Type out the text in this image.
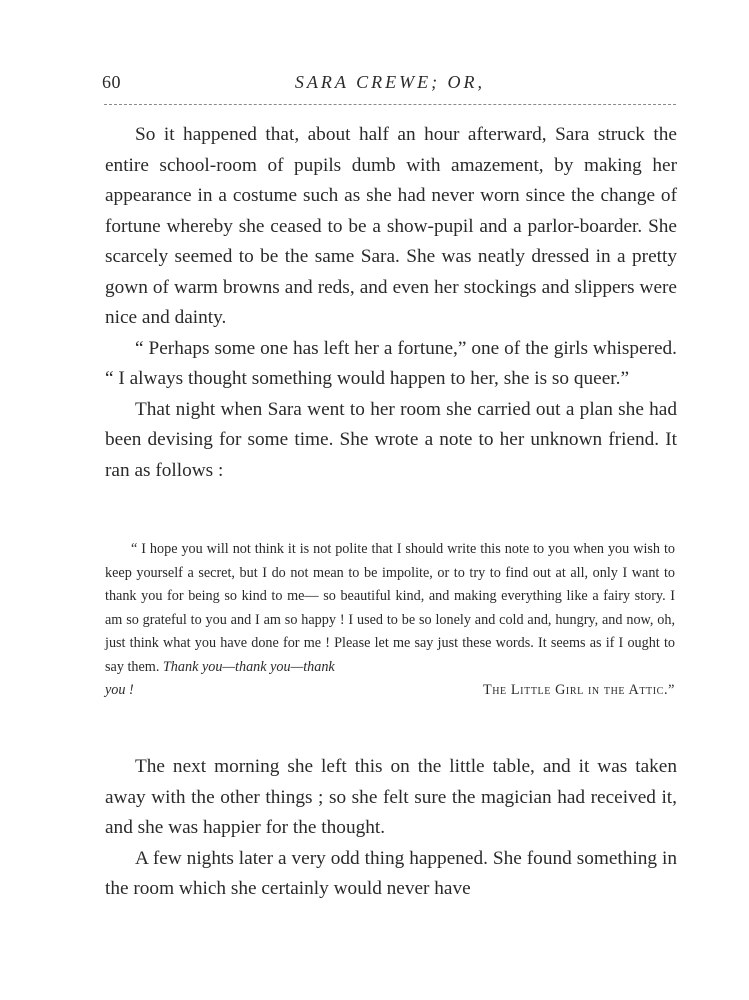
60	SARA CREWE; OR,

So it happened that, about half an hour afterward, Sara struck the entire school-room of pupils dumb with amazement, by making her appearance in a costume such as she had never worn since the change of fortune whereby she ceased to be a show-pupil and a parlor-boarder. She scarcely seemed to be the same Sara. She was neatly dressed in a pretty gown of warm browns and reds, and even her stockings and slippers were nice and dainty.

“ Perhaps some one has left her a fortune,” one of the girls whispered. “ I always thought something would happen to her, she is so queer.”

That night when Sara went to her room she carried out a plan she had been devising for some time. She wrote a note to her unknown friend. It ran as follows :

“ I hope you will not think it is not polite that I should write this note to you when you wish to keep yourself a secret, but I do not mean to be impolite, or to try to find out at all, only I want to thank you for being so kind to me— so beautiful kind, and making everything like a fairy story. I am so grateful to you and I am so happy ! I used to be so lonely and cold and, hungry, and now, oh, just think what you have done for me ! Please let me say just these words. It seems as if I ought to say them. Thank you—thank you—thank

you !	The Little Girl in the Attic.”

The next morning she left this on the little table, and it was taken away with the other things ; so she felt sure the magician had received it, and she was happier for the thought.

A few nights later a very odd thing happened. She found something in the room which she certainly would never have
